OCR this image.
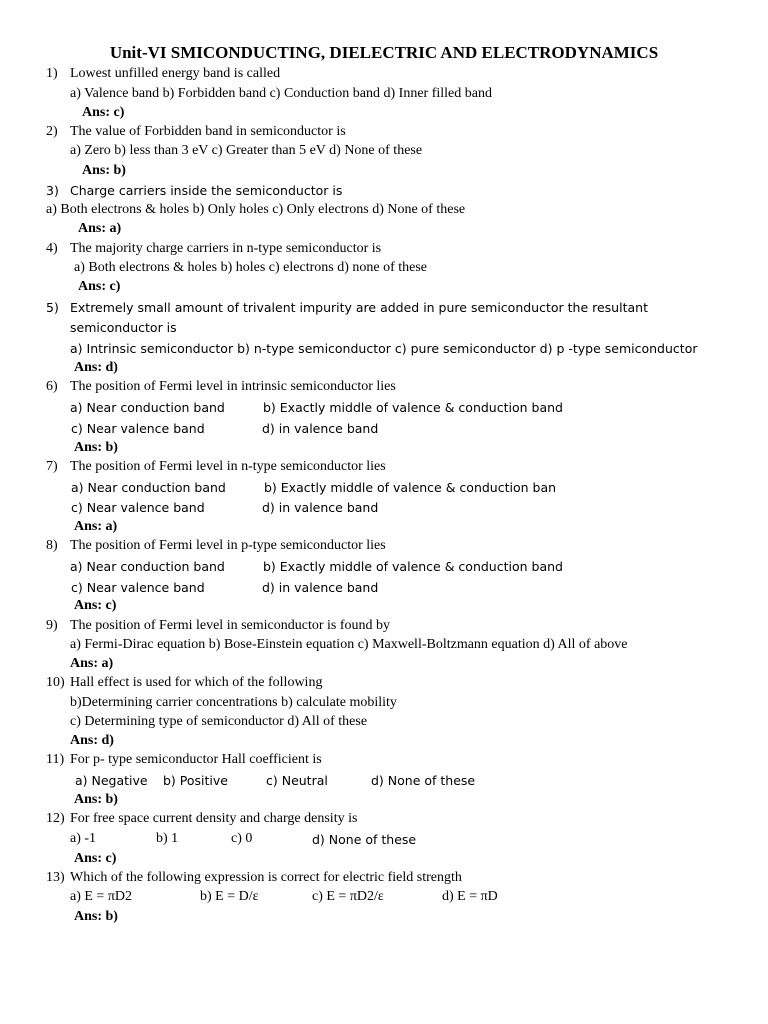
Unit-VI SMICONDUCTING, DIELECTRIC AND ELECTRODYNAMICS
1) Lowest unfilled energy band is called
a) Valence band b) Forbidden band c) Conduction band d) Inner filled band
Ans: c)
2) The value of Forbidden band in semiconductor is
a) Zero b) less than 3 eV c) Greater than 5 eV d) None of these
Ans: b)
3) Charge carriers inside the semiconductor is
a) Both electrons & holes b) Only holes c) Only electrons d) None of these
Ans: a)
4) The majority charge carriers in n-type semiconductor is
a) Both electrons & holes b) holes c) electrons d) none of these
Ans: c)
5) Extremely small amount of trivalent impurity are added in pure semiconductor the resultant
semiconductor is
a) Intrinsic semiconductor b) n-type semiconductor c) pure semiconductor d) p -type semiconductor
Ans: d)
6) The position of Fermi level in intrinsic semiconductor lies
a) Near conduction band	b) Exactly middle of valence & conduction band
c) Near valence band	d) in valence band
Ans: b)
7) The position of Fermi level in n-type semiconductor lies
a) Near conduction band	b) Exactly middle of valence & conduction ban
c) Near valence band	d) in valence band
Ans: a)
8) The position of Fermi level in p-type semiconductor lies
a) Near conduction band	b) Exactly middle of valence & conduction band
c) Near valence band	d) in valence band
Ans: c)
9) The position of Fermi level in semiconductor is found by
a) Fermi-Dirac equation b) Bose-Einstein equation c) Maxwell-Boltzmann equation d) All of above
Ans: a)
10) Hall effect is used for which of the following
b)Determining carrier concentrations b) calculate mobility
c) Determining type of semiconductor d) All of these
Ans: d)
11) For p- type semiconductor Hall coefficient is
a) Negative b) Positive	c) Neutral	d) None of these
Ans: b)
12) For free space current density and charge density is
a) -1	b) 1	c) 0	d) None of these
Ans: c)
13) Which of the following expression is correct for electric field strength
a) E = πD2	b) E = D/ε	c) E = πD2/ε	d) E = πD
Ans: b)
